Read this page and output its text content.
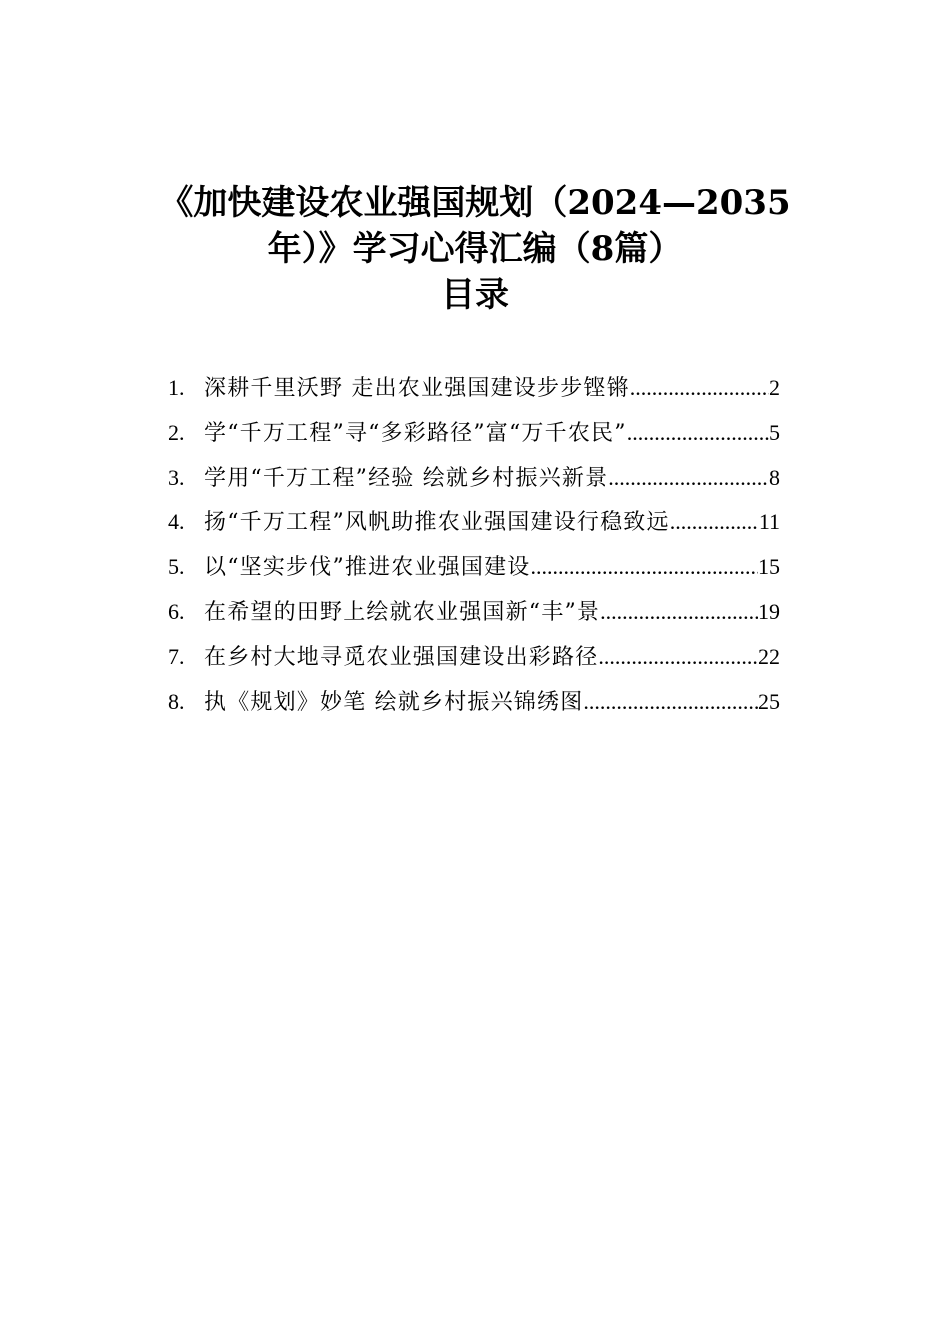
《加快建设农业强国规划（2024—2035
年）》学习心得汇编（8篇）
目录
1. 深耕千里沃野 走出农业强国建设步步铿锵 .....	2
2. 学“千万工程”寻“多彩路径”富“万千农民” .....	5
3. 学用“千万工程”经验 绘就乡村振兴新景 .....	8
4. 扬“千万工程”风帆助推农业强国建设行稳致远 .....	11
5. 以“坚实步伐”推进农业强国建设 .....	15
6. 在希望的田野上绘就农业强国新“丰”景 .....	19
7. 在乡村大地寻觅农业强国建设出彩路径 .....	22
8. 执《规划》妙笔 绘就乡村振兴锦绣图 .....	25
